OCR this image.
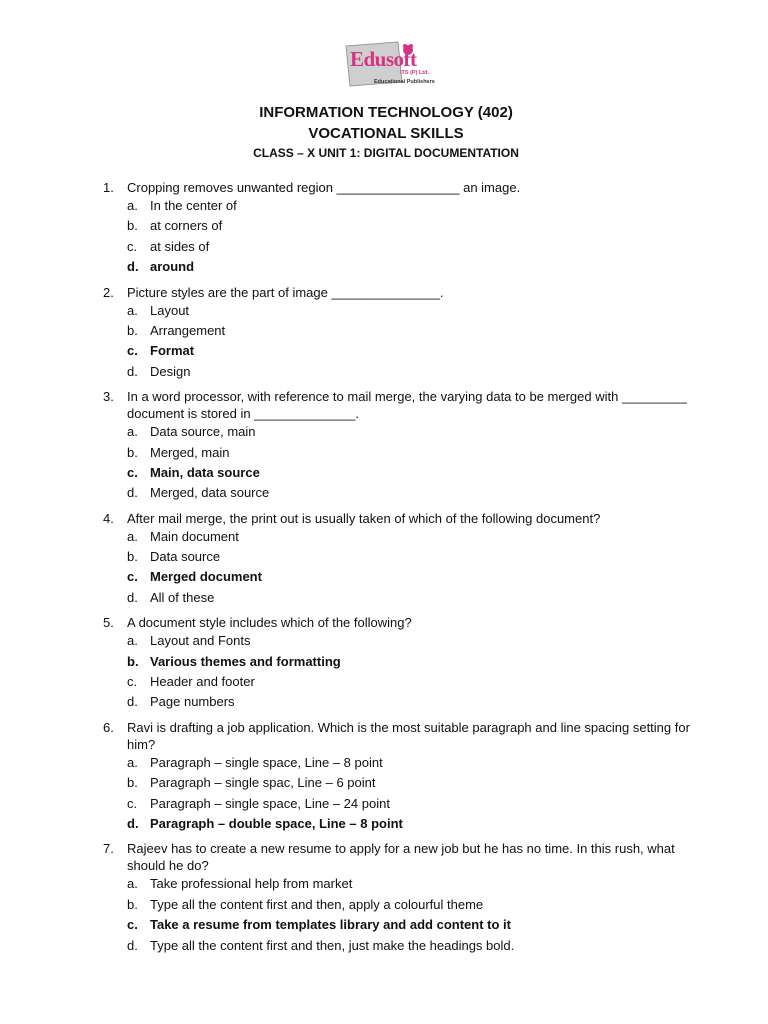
Edusoft
ITS (P) Ltd.
Educational Publishers
INFORMATION TECHNOLOGY (402)
VOCATIONAL SKILLS
CLASS – X UNIT 1: DIGITAL DOCUMENTATION
1.	Cropping removes unwanted region _________________ an image.
a. In the center of
b. at corners of
c. at sides of
d. around
2.	Picture styles are the part of image _______________.
a. Layout
b. Arrangement
c. Format
d. Design
3.	In a word processor, with reference to mail merge, the varying data to be merged with _________ document is stored in ______________.
a. Data source, main
b. Merged, main
c. Main, data source
d. Merged, data source
4.	After mail merge, the print out is usually taken of which of the following document?
a. Main document
b. Data source
c. Merged document
d. All of these
5.	A document style includes which of the following?
a. Layout and Fonts
b. Various themes and formatting
c. Header and footer
d. Page numbers
6.	Ravi is drafting a job application. Which is the most suitable paragraph and line spacing setting for him?
a. Paragraph – single space, Line – 8 point
b. Paragraph – single spac, Line – 6 point
c. Paragraph – single space, Line – 24 point
d. Paragraph – double space, Line – 8 point
7.	Rajeev has to create a new resume to apply for a new job but he has no time. In this rush, what should he do?
a. Take professional help from market
b. Type all the content first and then, apply a colourful theme
c. Take a resume from templates library and add content to it
d. Type all the content first and then, just make the headings bold.
